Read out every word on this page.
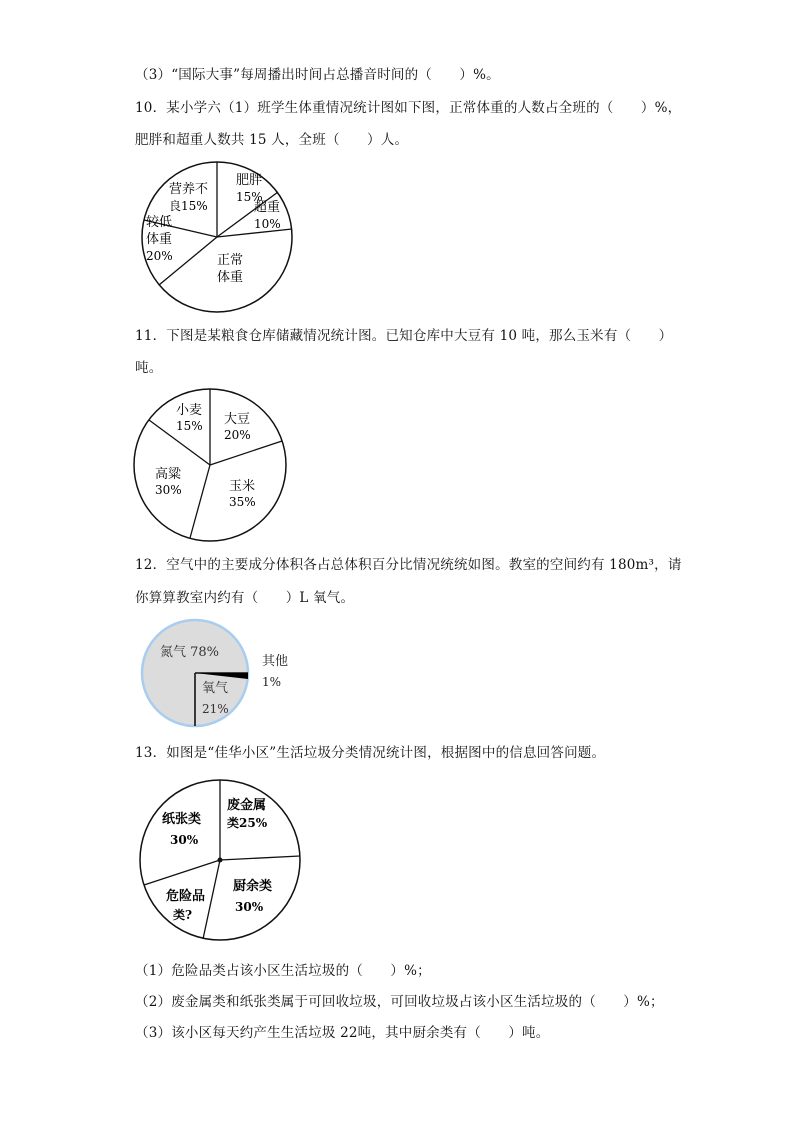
（3）“国际大事”每周播出时间占总播音时间的（　　）%。
10．某小学六（1）班学生体重情况统计图如下图，正常体重的人数占全班的（　　）%，
肥胖和超重人数共 15 人，全班（　　）人。
11．下图是某粮食仓库储藏情况统计图。已知仓库中大豆有 10 吨，那么玉米有（　　）
吨。
12．空气中的主要成分体积各占总体积百分比情况统统如图。教室的空间约有 180m³，请
你算算教室内约有（　　）L 氧气。
13．如图是“佳华小区”生活垃圾分类情况统计图，根据图中的信息回答问题。
（1）危险品类占该小区生活垃圾的（　　）%；
（2）废金属类和纸张类属于可回收垃圾，可回收垃圾占该小区生活垃圾的（　　）%；
（3）该小区每天约产生生活垃圾 22吨，其中厨余类有（　　）吨。
肥胖
15%
超重
10%
正常
体重
较低
体重
20%
营养不
良15%
大豆
20%
玉米
35%
高粱
30%
小麦
15%
氮气 78%
其他
1%
氧气
21%
废金属
类25%
厨余类
30%
危险品
类?
纸张类
30%
